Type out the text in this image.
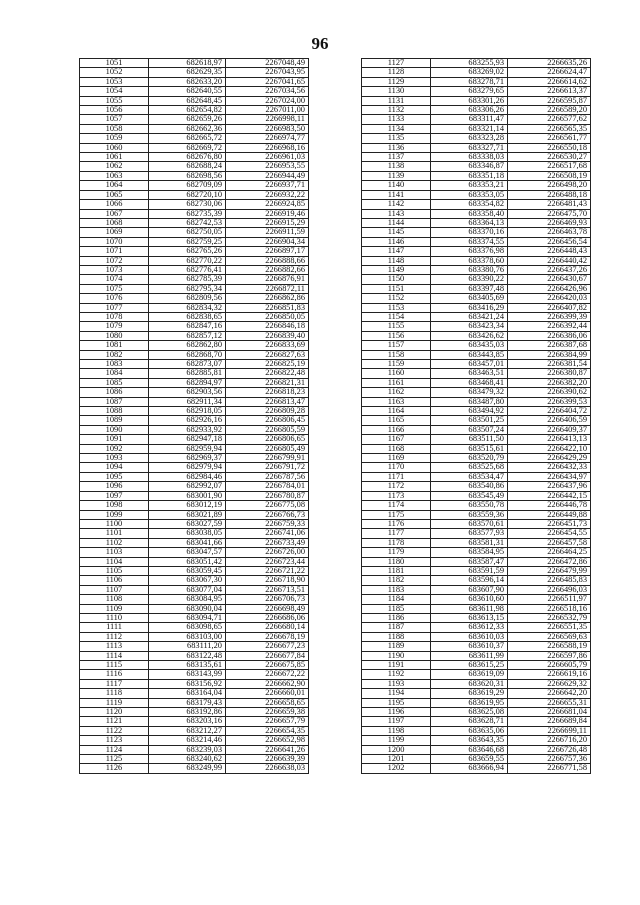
96
1051	682618,97	2267048,49
1052	682629,35	2267043,95
1053	682633,20	2267041,65
1054	682640,55	2267034,56
1055	682648,45	2267024,00
1056	682654,82	2267011,00
1057	682659,26	2266998,11
1058	682662,36	2266983,50
1059	682665,72	2266974,77
1060	682669,72	2266968,16
1061	682676,80	2266961,03
1062	682688,24	2266953,55
1063	682698,56	2266944,49
1064	682709,09	2266937,71
1065	682720,10	2266932,22
1066	682730,06	2266924,85
1067	682735,39	2266919,46
1068	682742,53	2266915,29
1069	682750,05	2266911,59
1070	682759,25	2266904,34
1071	682765,26	2266897,17
1072	682770,22	2266888,66
1073	682776,41	2266882,66
1074	682785,39	2266876,91
1075	682795,34	2266872,11
1076	682809,56	2266862,86
1077	682834,32	2266851,83
1078	682838,65	2266850,05
1079	682847,16	2266846,18
1080	682857,12	2266839,40
1081	682862,80	2266833,69
1082	682868,70	2266827,63
1083	682873,07	2266825,19
1084	682885,81	2266822,48
1085	682894,97	2266821,31
1086	682903,56	2266818,23
1087	682911,34	2266813,47
1088	682918,05	2266809,28
1089	682926,16	2266806,45
1090	682933,92	2266805,59
1091	682947,18	2266806,65
1092	682959,94	2266805,49
1093	682969,37	2266799,91
1094	682979,94	2266791,72
1095	682984,46	2266787,56
1096	682992,07	2266784,01
1097	683001,90	2266780,87
1098	683012,19	2266775,08
1099	683021,89	2266766,73
1100	683027,59	2266759,33
1101	683038,05	2266741,06
1102	683041,66	2266733,49
1103	683047,57	2266726,00
1104	683051,42	2266723,44
1105	683059,45	2266721,22
1106	683067,30	2266718,90
1107	683077,04	2266713,51
1108	683084,95	2266706,73
1109	683090,04	2266698,49
1110	683094,71	2266686,06
1111	683098,65	2266680,14
1112	683103,00	2266678,19
1113	683111,20	2266677,23
1114	683122,48	2266677,84
1115	683135,61	2266675,85
1116	683143,99	2266672,22
1117	683156,92	2266662,90
1118	683164,04	2266660,01
1119	683179,43	2266658,65
1120	683192,86	2266659,38
1121	683203,16	2266657,79
1122	683212,27	2266654,35
1123	683214,46	2266652,98
1124	683239,03	2266641,26
1125	683240,62	2266639,39
1126	683249,99	2266638,03
1127	683255,93	2266635,26
1128	683269,02	2266624,47
1129	683278,71	2266614,62
1130	683279,65	2266613,37
1131	683301,26	2266595,87
1132	683306,26	2266589,20
1133	683311,47	2266577,62
1134	683321,14	2266565,35
1135	683323,28	2266561,77
1136	683327,71	2266550,18
1137	683338,03	2266530,27
1138	683346,87	2266517,68
1139	683351,18	2266508,19
1140	683353,21	2266498,20
1141	683353,05	2266488,18
1142	683354,82	2266481,43
1143	683358,40	2266475,70
1144	683364,13	2266469,93
1145	683370,16	2266463,78
1146	683374,55	2266456,54
1147	683376,98	2266448,43
1148	683378,60	2266440,42
1149	683380,76	2266437,26
1150	683390,22	2266430,67
1151	683397,48	2266426,96
1152	683405,69	2266420,03
1153	683416,29	2266407,82
1154	683421,24	2266399,39
1155	683423,34	2266392,44
1156	683426,62	2266386,06
1157	683435,03	2266387,68
1158	683443,85	2266384,99
1159	683457,01	2266381,54
1160	683463,51	2266380,87
1161	683468,41	2266382,20
1162	683479,32	2266390,62
1163	683487,80	2266399,53
1164	683494,92	2266404,72
1165	683501,25	2266406,59
1166	683507,24	2266409,37
1167	683511,50	2266413,13
1168	683515,61	2266422,10
1169	683520,79	2266429,29
1170	683525,68	2266432,33
1171	683534,47	2266434,97
1172	683540,86	2266437,96
1173	683545,49	2266442,15
1174	683550,78	2266446,78
1175	683559,36	2266449,88
1176	683570,61	2266451,73
1177	683577,93	2266454,55
1178	683581,31	2266457,58
1179	683584,95	2266464,25
1180	683587,47	2266472,86
1181	683591,59	2266479,99
1182	683596,14	2266485,83
1183	683607,90	2266496,03
1184	683610,60	2266511,97
1185	683611,98	2266518,16
1186	683613,15	2266532,79
1187	683612,33	2266551,35
1188	683610,03	2266569,63
1189	683610,37	2266588,19
1190	683611,99	2266597,86
1191	683615,25	2266605,79
1192	683619,09	2266619,16
1193	683620,31	2266629,32
1194	683619,29	2266642,20
1195	683619,95	2266655,31
1196	683625,08	2266681,04
1197	683628,71	2266689,84
1198	683635,06	2266699,11
1199	683643,35	2266716,20
1200	683646,68	2266726,48
1201	683659,55	2266757,36
1202	683666,94	2266771,58
